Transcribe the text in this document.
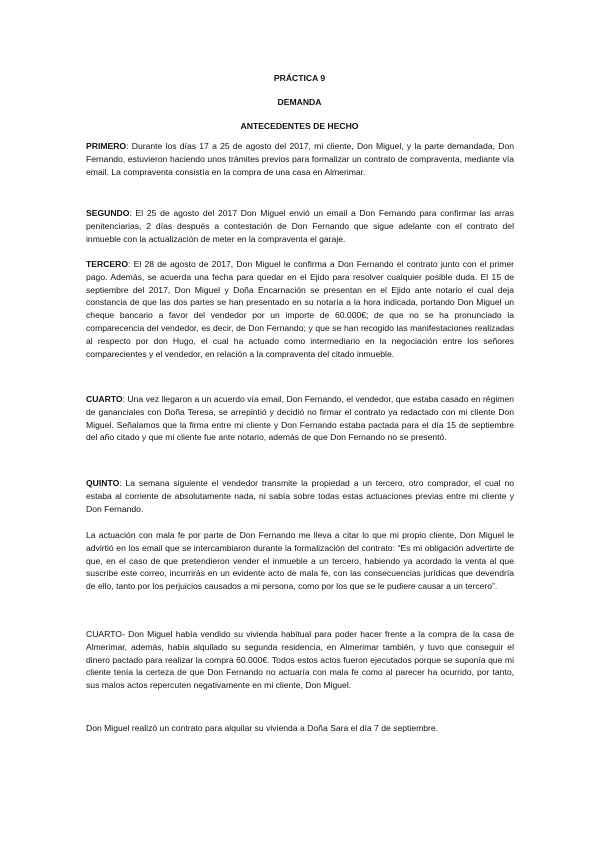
PRÁCTICA 9
DEMANDA
ANTECEDENTES DE HECHO

PRIMERO: Durante los días 17 a 25 de agosto del 2017, mi cliente, Don Miguel, y la parte demandada, Don Fernando, estuvieron haciendo unos trámites previos para formalizar un contrato de compraventa, mediante vía email. La compraventa consistía en la compra de una casa en Almerimar.

SEGUNDO: El 25 de agosto del 2017 Don Miguel envió un email a Don Fernando para confirmar las arras penitenciarias, 2 días después a contestación de Don Fernando que sigue adelante con el contrato del inmueble con la actualización de meter en la compraventa el garaje.

TERCERO: El 28 de agosto de 2017, Don Miguel le confirma a Don Fernando el contrato junto con el primer pago. Además, se acuerda una fecha para quedar en el Ejido para resolver cualquier posible duda. El 15 de septiembre del 2017, Don Miguel y Doña Encarnación se presentan en el Ejido ante notario el cual deja constancia de que las dos partes se han presentado en su notaría a la hora indicada, portando Don Miguel un cheque bancario a favor del vendedor por un importe de 60.000€; de que no se ha pronunciado la comparecencia del vendedor, es decir, de Don Fernando; y que se han recogido las manifestaciones realizadas al respecto por don Hugo, el cual ha actuado como intermediario en la negociación entre los señores comparecientes y el vendedor, en relación a la compraventa del citado inmueble.

CUARTO: Una vez llegaron a un acuerdo vía email, Don Fernando, el vendedor, que estaba casado en régimen de gananciales con Doña Teresa, se arrepintió y decidió no firmar el contrato ya redactado con mi cliente Don Miguel. Señalamos que la firma entre mi cliente y Don Fernando estaba pactada para el día 15 de septiembre del año citado y que mi cliente fue ante notario, además de que Don Fernando no se presentó.

QUINTO: La semana siguiente el vendedor transmite la propiedad a un tercero, otro comprador, el cual no estaba al corriente de absolutamente nada, ni sabía sobre todas estas actuaciones previas entre mi cliente y Don Fernando.

La actuación con mala fe por parte de Don Fernando me lleva a citar lo que mi propio cliente, Don Miguel le advirtió en los email que se intercambiaron durante la formalización del contrato: “Es mi obligación advertirte de que, en el caso de que pretendieron vender el inmueble a un tercero, habiendo ya acordado la venta al que suscribe este correo, incurrirás en un evidente acto de mala fe, con las consecuencias jurídicas que devendría de ello, tanto por los perjuicios causados a mi persona, como por los que se le pudiere causar a un tercero”.

CUARTO- Don Miguel había vendido su vivienda habitual para poder hacer frente a la compra de la casa de Almerimar, además, había alquilado su segunda residencia, en Almerimar también, y tuvo que conseguir el dinero pactado para realizar la compra 60.000€. Todos estos actos fueron ejecutados porque se suponía que mi cliente tenía la certeza de que Don Fernando no actuaría con mala fe como al parecer ha ocurrido, por tanto, sus malos actos repercuten negativamente en mi cliente, Don Miguel.

Don Miguel realizó un contrato para alquilar su vivienda a Doña Sara el día 7 de septiembre.
